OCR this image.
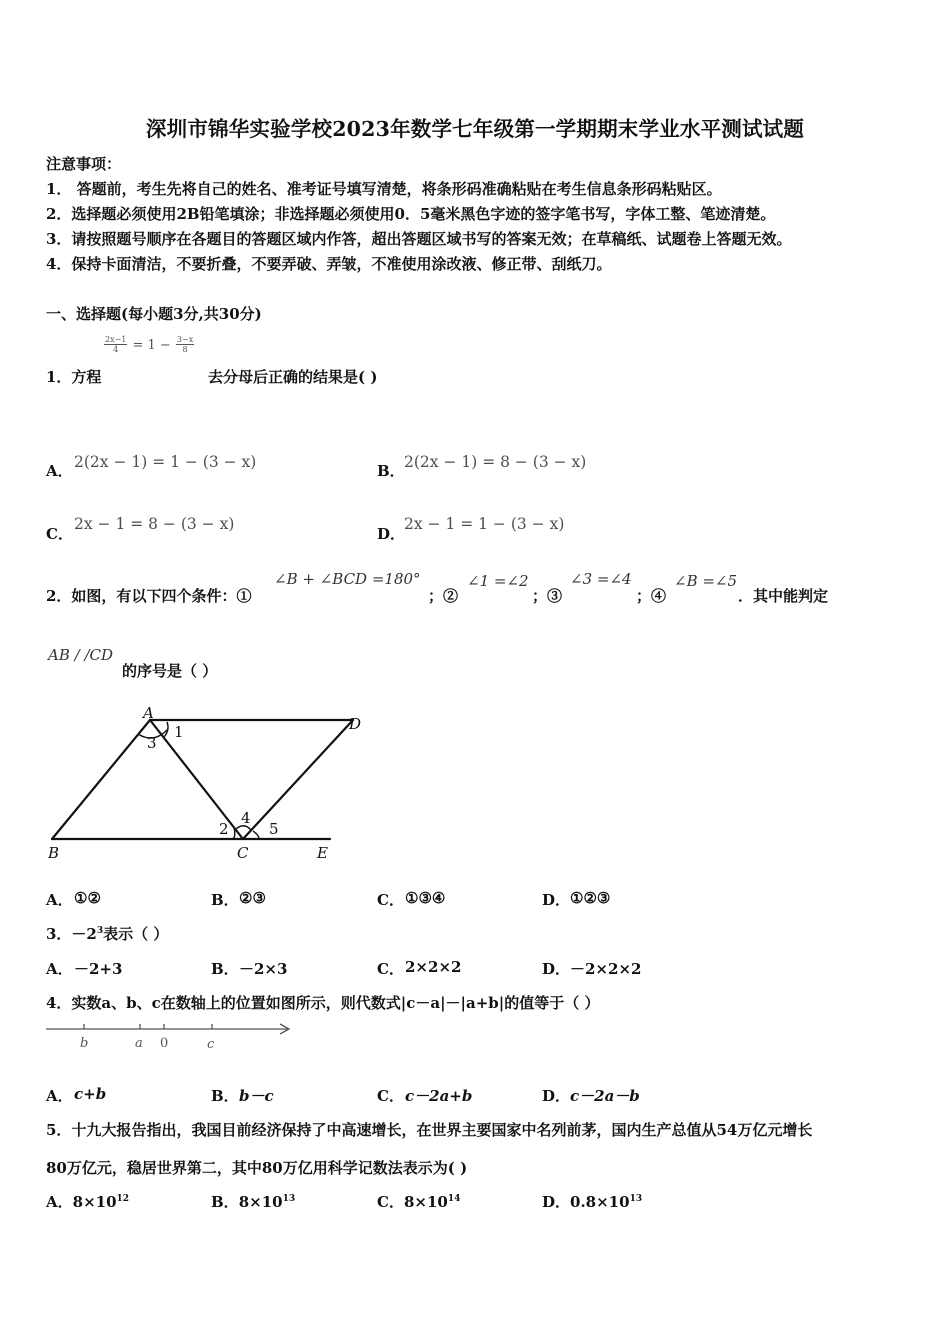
深圳市锦华实验学校2023年数学七年级第一学期期末学业水平测试试题
注意事项：
1． 答题前，考生先将自己的姓名、准考证号填写清楚，将条形码准确粘贴在考生信息条形码粘贴区。
2．选择题必须使用2B铅笔填涂；非选择题必须使用0．5毫米黑色字迹的签字笔书写，字体工整、笔迹清楚。
3．请按照题号顺序在各题目的答题区域内作答，超出答题区域书写的答案无效；在草稿纸、试题卷上答题无效。
4．保持卡面清洁，不要折叠，不要弄破、弄皱，不准使用涂改液、修正带、刮纸刀。
一、选择题(每小题3分,共30分)
$\frac{2x-1}{4} = 1 - \frac{3-x}{8}$
1．方程	去分母后正确的结果是( )
A． 2(2x − 1) = 1 − (3 − x)	B． 2(2x − 1) = 8 − (3 − x)
C．
2x − 1 = 8 − (3 − x)
D．
2x − 1 = 1 − (3 − x)
2．如图，有以下四个条件：①
∠B + ∠BCD =180°
；②
∠1 =∠2
；③
∠3 =∠4
；④
∠B =∠5
．其中能判定
AB / /CD
的序号是（ ）
A
B	C
D
E
1
3
2
4
5
A． ①②	B． ②③	C． ①③④	D． ①②③
3．$-2^3$表示（ ）
A． －2+3	B． －2×3	C． 2×2×2	D． －2×2×2
4．实数a、b、c在数轴上的位置如图所示，则代数式|c－a|－|a+b|的值等于（ ）
b	a 0	c
A． c+b	B． b－c	C． c－2a+b	D． c－2a－b
5．十九大报告指出，我国目前经济保持了中高速增长，在世界主要国家中名列前茅，国内生产总值从54万亿元增长
80万亿元，稳居世界第二，其中80万亿用科学记数法表示为( )
A．$8\times 10^{12}$	B．$8\times 10^{13}$	C．$8\times 10^{14}$	D．$0.8\times 10^{13}$
